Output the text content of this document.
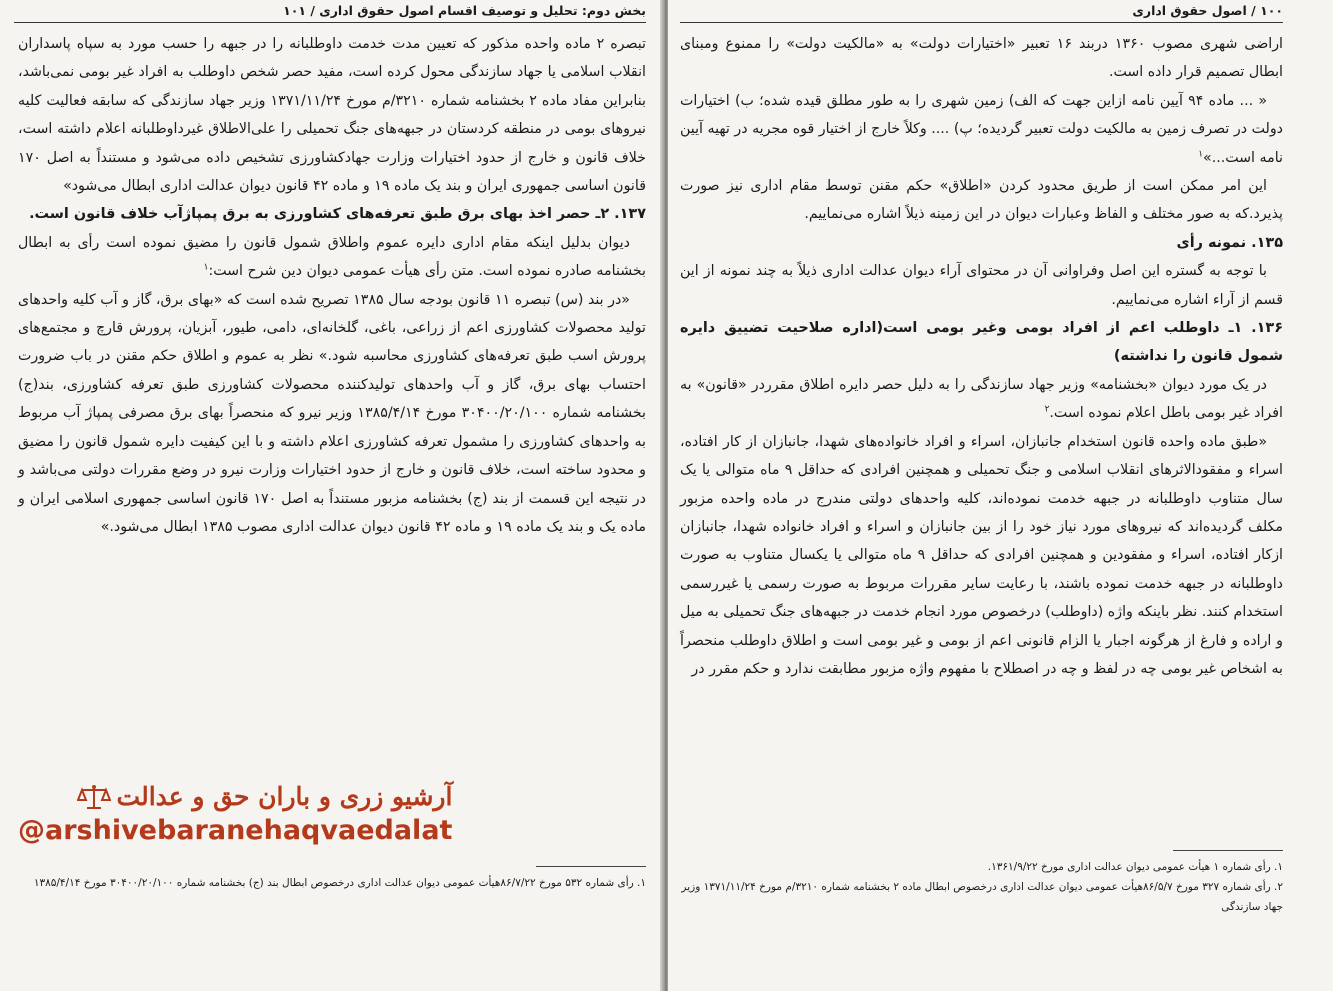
بخش دوم: تحلیل و توصیف اقسام اصول حقوق اداری / ۱۰۱

تبصره ۲ ماده واحده مذکور که تعیین مدت خدمت داوطلبانه را در جبهه را حسب مورد به سپاه پاسداران انقلاب اسلامی یا جهاد سازندگی محول کرده است، مفید حصر شخص داوطلب به افراد غیر بومی نمی‌باشد، بنابراین مفاد ماده ۲ بخشنامه شماره ۳۲۱۰/م مورخ ۱۳۷۱/۱۱/۲۴ وزیر جهاد سازندگی که سابقه فعالیت کلیه نیروهای بومی در منطقه کردستان در جبهه‌های جنگ تحمیلی را علی‌الاطلاق غیرداوطلبانه اعلام داشته است، خلاف قانون و خارج از حدود اختیارات وزارت جهادکشاورزی تشخیص داده می‌شود و مستنداً به اصل ۱۷۰ قانون اساسی جمهوری ایران و بند یک ماده ۱۹ و ماده ۴۲ قانون دیوان عدالت اداری ابطال می‌شود»

۱۳۷. ۲ـ حصر اخذ بهای برق طبق تعرفه‌های کشاورزی به برق پمپاژآب خلاف قانون است.

دیوان بدلیل اینکه مقام اداری دایره عموم واطلاق شمول قانون را مضیق نموده است رأی به ابطال بخشنامه صادره نموده است. متن رأی هیأت عمومی دیوان دین شرح است:$^۱$

«در بند (س) تبصره ۱۱ قانون بودجه سال ۱۳۸۵ تصریح شده است که «بهای برق، گاز و آب کلیه واحدهای تولید محصولات کشاورزی اعم از زراعی، باغی، گلخانه‌ای، دامی، طیور، آبزیان، پرورش قارچ و مجتمع‌های پرورش اسب طبق تعرفه‌های کشاورزی محاسبه شود.» نظر به عموم و اطلاق حکم مقنن در باب ضرورت احتساب بهای برق، گاز و آب واحدهای تولیدکننده محصولات کشاورزی طبق تعرفه کشاورزی، بند(ج) بخشنامه شماره ۳۰۴۰۰/۲۰/۱۰۰ مورخ ۱۳۸۵/۴/۱۴ وزیر نیرو که منحصراً بهای برق مصرفی پمپاژ آب مربوط به واحدهای کشاورزی را مشمول تعرفه کشاورزی اعلام داشته و با این کیفیت دایره شمول قانون را مضیق و محدود ساخته است، خلاف قانون و خارج از حدود اختیارات وزارت نیرو در وضع مقررات دولتی می‌باشد و در نتیجه این قسمت از بند (ج) بخشنامه مزبور مستنداً به اصل ۱۷۰ قانون اساسی جمهوری اسلامی ایران و ماده یک و بند یک ماده ۱۹ و ماده ۴۲ قانون دیوان عدالت اداری مصوب ۱۳۸۵ ابطال می‌شود.»

آرشیو زری و باران حق و عدالت
@arshivebaranehaqvaedalat

۱. رأی شماره ۵۳۲ مورخ ۸۶/۷/۲۲هیأت عمومی دیوان عدالت اداری درخصوص ابطال بند (ج) بخشنامه شماره ۳۰۴۰۰/۲۰/۱۰۰ مورخ ۱۳۸۵/۴/۱۴

۱۰۰ / اصول حقوق اداری

اراضی شهری مصوب ۱۳۶۰ دربند ۱۶ تعبیر «اختیارات دولت» به «مالکیت دولت» را ممنوع ومبنای ابطال تصمیم قرار داده است.

« ... ماده ۹۴ آیین نامه ازاین جهت که الف) زمین شهری را به طور مطلق قیده شده؛ ب) اختیارات دولت در تصرف زمین به مالکیت دولت تعبیر گردیده؛ پ) .... وکلاً خارج از اختیار قوه مجریه در تهیه آیین نامه است...»$^۱$

این امر ممکن است از طریق محدود کردن «اطلاق» حکم مقنن توسط مقام اداری نیز صورت پذیرد.که به صور مختلف و الفاظ وعبارات دیوان در این زمینه ذیلاً اشاره می‌نماییم.

۱۳۵. نمونه رأی

با توجه به گستره این اصل وفراوانی آن در محتوای آراء دیوان عدالت اداری ذیلاً به چند نمونه از این قسم از آراء اشاره می‌نماییم.

۱۳۶. ۱ـ داوطلب اعم از افراد بومی وغیر بومی است(اداره صلاحیت تضییق دایره شمول قانون را نداشته)

در یک مورد دیوان «بخشنامه» وزیر جهاد سازندگی را به دلیل حصر دایره اطلاق مقرردر «قانون» به افراد غیر بومی باطل اعلام نموده است.$^۲$

«طبق ماده واحده قانون استخدام جانبازان، اسراء و افراد خانواده‌های شهدا، جانبازان از کار افتاده، اسراء و مفقودالاثرهای انقلاب اسلامی و جنگ تحمیلی و همچنین افرادی که حداقل ۹ ماه متوالی یا یک سال متناوب داوطلبانه در جبهه خدمت نموده‌اند، کلیه واحدهای دولتی مندرج در ماده واحده مزبور مکلف گردیده‌اند که نیروهای مورد نیاز خود را از بین جانبازان و اسراء و افراد خانواده شهدا، جانبازان ازکار افتاده، اسراء و مفقودین و همچنین افرادی که حداقل ۹ ماه متوالی یا یکسال متناوب به صورت داوطلبانه در جبهه خدمت نموده باشند، با رعایت سایر مقررات مربوط به صورت رسمی یا غیررسمی استخدام کنند. نظر باینکه واژه (داوطلب) درخصوص مورد انجام خدمت در جبهه‌های جنگ تحمیلی به میل و اراده و فارغ از هرگونه اجبار یا الزام قانونی اعم از بومی و غیر بومی است و اطلاق داوطلب منحصراً به اشخاص غیر بومی چه در لفظ و چه در اصطلاح با مفهوم واژه مزبور مطابقت ندارد و حکم مقرر در

۱. رأی شماره ۱ هیأت عمومی دیوان عدالت اداری مورخ ۱۳۶۱/۹/۲۲.

۲. رأی شماره ۳۲۷ مورخ ۸۶/۵/۷هیأت عمومی دیوان عدالت اداری درخصوص ابطال ماده ۲ بخشنامه شماره ۳۲۱۰/م مورخ ۱۳۷۱/۱۱/۲۴ وزیر جهاد سازندگی
